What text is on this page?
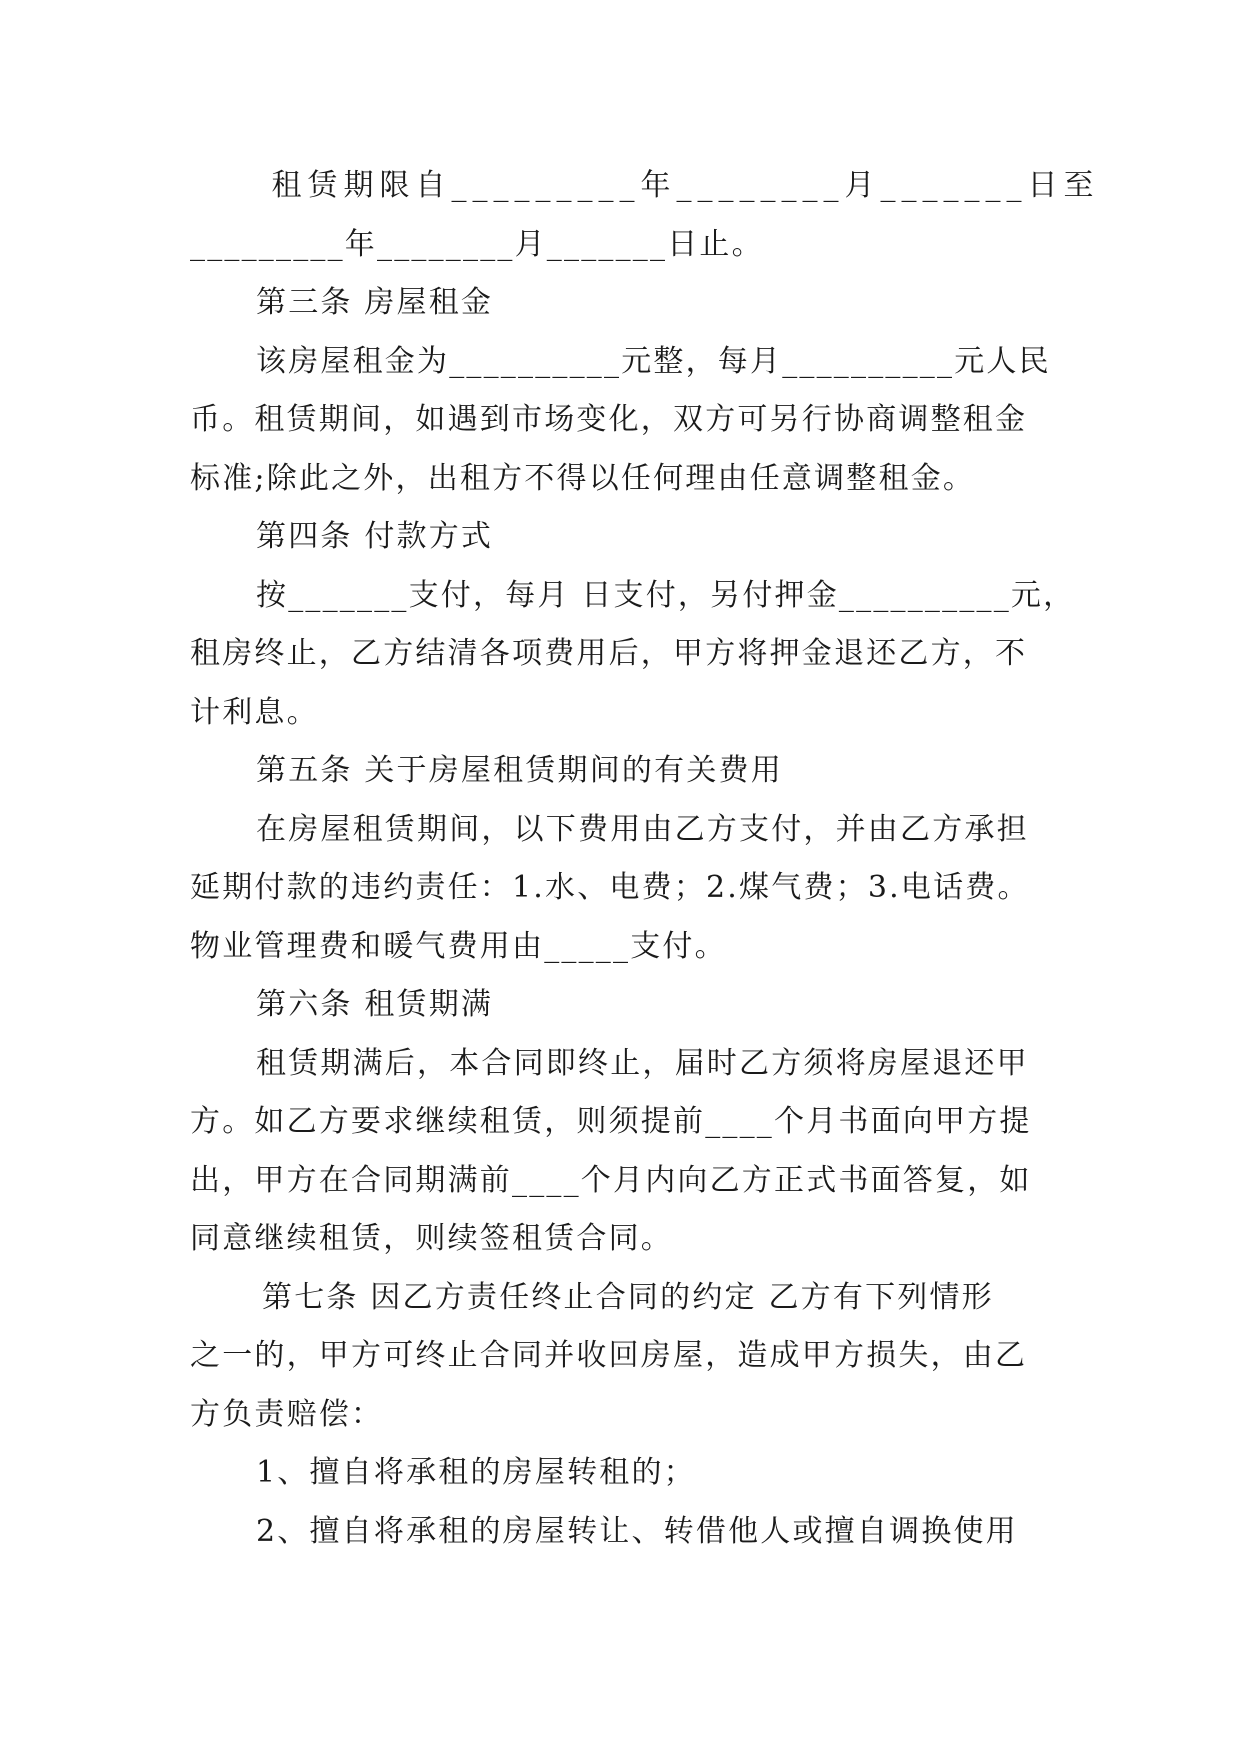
租赁期限自_________年________月_______日至
_________年________月_______日止。
第三条 房屋租金
该房屋租金为__________元整，每月__________元人民
币。租赁期间，如遇到市场变化，双方可另行协商调整租金
标准;除此之外，出租方不得以任何理由任意调整租金。
第四条 付款方式
按_______支付，每月 日支付，另付押金__________元，
租房终止，乙方结清各项费用后，甲方将押金退还乙方，不
计利息。
第五条 关于房屋租赁期间的有关费用
在房屋租赁期间，以下费用由乙方支付，并由乙方承担
延期付款的违约责任：1.水、电费；2.煤气费；3.电话费。
物业管理费和暖气费用由_____支付。
第六条 租赁期满
租赁期满后，本合同即终止，届时乙方须将房屋退还甲
方。如乙方要求继续租赁，则须提前____个月书面向甲方提
出，甲方在合同期满前____个月内向乙方正式书面答复，如
同意继续租赁，则续签租赁合同。
第七条 因乙方责任终止合同的约定 乙方有下列情形
之一的，甲方可终止合同并收回房屋，造成甲方损失，由乙
方负责赔偿：
1、擅自将承租的房屋转租的；
2、擅自将承租的房屋转让、转借他人或擅自调换使用
